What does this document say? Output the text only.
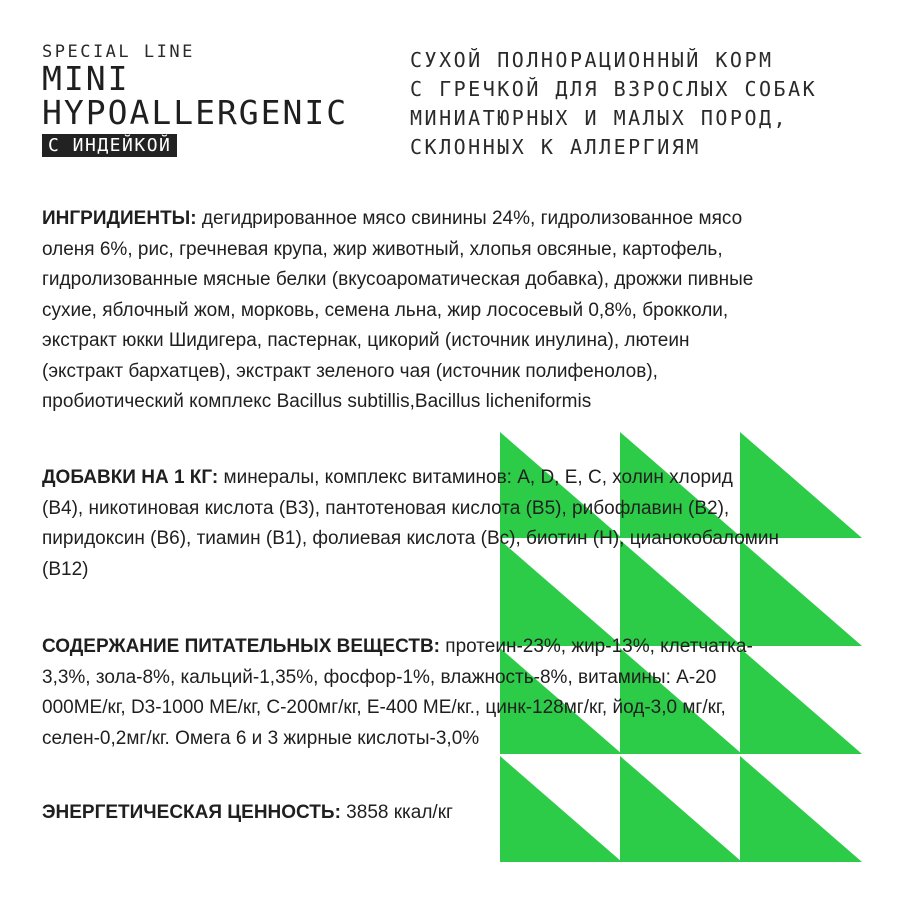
SPECIAL LINE
MINI
HYPOALLERGENIC
С ИНДЕЙКОЙ
СУХОЙ ПОЛНОРАЦИОННЫЙ КОРМ
С ГРЕЧКОЙ ДЛЯ ВЗРОСЛЫХ СОБАК
МИНИАТЮРНЫХ И МАЛЫХ ПОРОД,
СКЛОННЫХ К АЛЛЕРГИЯМ
ИНГРИДИЕНТЫ: дегидрированное мясо свинины 24%, гидролизованное мясо
оленя 6%, рис, гречневая крупа, жир животный, хлопья овсяные, картофель,
гидролизованные мясные белки (вкусоароматическая добавка), дрожжи пивные
сухие, яблочный жом, морковь, семена льна, жир лососевый 0,8%, брокколи,
экстракт юкки Шидигера, пастернак, цикорий (источник инулина), лютеин
(экстракт бархатцев), экстракт зеленого чая (источник полифенолов),
пробиотический комплекс Bacillus subtillis,Bacillus licheniformis
ДОБАВКИ НА 1 КГ: минералы, комплекс витаминов: A, D, E, C, холин хлорид
(B4), никотиновая кислота (B3), пантотеновая кислота (B5), рибофлавин (B2),
пиридоксин (B6), тиамин (B1), фолиевая кислота (Bc), биотин (H), цианокобаломин
(B12)
СОДЕРЖАНИЕ ПИТАТЕЛЬНЫХ ВЕЩЕСТВ: протеин-23%, жир-13%, клетчатка-
3,3%, зола-8%, кальций-1,35%, фосфор-1%, влажность-8%, витамины: А-20
000МЕ/кг, D3-1000 МЕ/кг, С-200мг/кг, Е-400 МЕ/кг., цинк-128мг/кг, йод-3,0 мг/кг,
селен-0,2мг/кг. Омега 6 и 3 жирные кислоты-3,0%
ЭНЕРГЕТИЧЕСКАЯ ЦЕННОСТЬ: 3858 ккал/кг
